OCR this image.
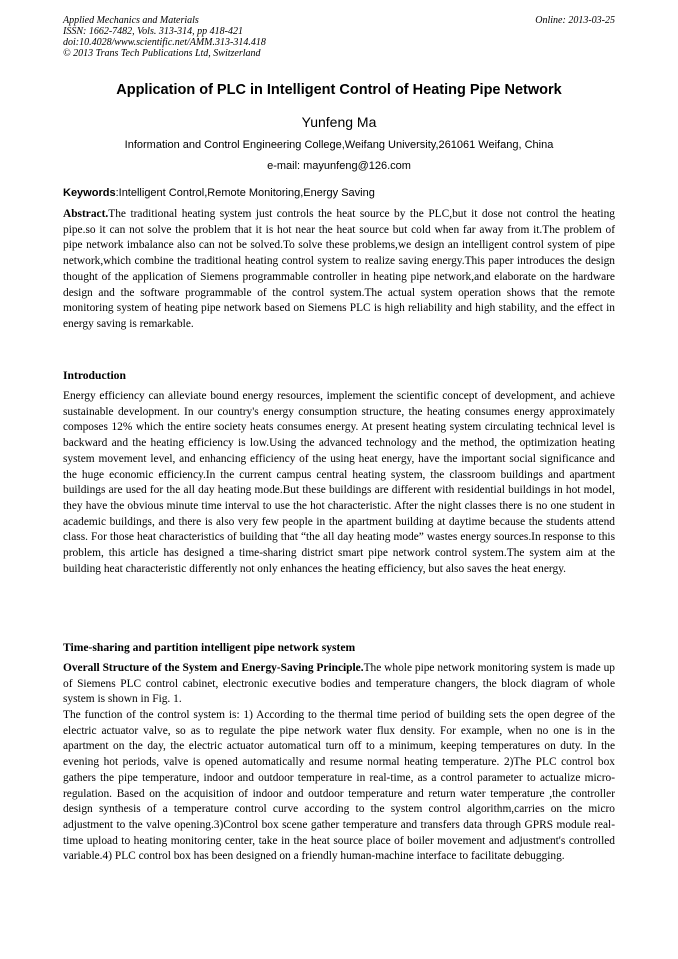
Applied Mechanics and Materials
ISSN: 1662-7482, Vols. 313-314, pp 418-421
doi:10.4028/www.scientific.net/AMM.313-314.418
© 2013 Trans Tech Publications Ltd, Switzerland
Online: 2013-03-25
Application of PLC in Intelligent Control of Heating Pipe Network
Yunfeng Ma
Information and Control Engineering College,Weifang University,261061 Weifang, China
e-mail: mayunfeng@126.com
Keywords:Intelligent Control,Remote Monitoring,Energy Saving

Abstract.The traditional heating system just controls the heat source by the PLC,but it dose not control the heating pipe.so it can not solve the problem that it is hot near the heat source but cold when far away from it.The problem of pipe network imbalance also can not be solved.To solve these problems,we design an intelligent control system of pipe network,which combine the traditional heating control system to realize saving energy.This paper introduces the design thought of the application of Siemens programmable controller in heating pipe network,and elaborate on the hardware design and the software programmable of the control system.The actual system operation shows that the remote monitoring system of heating pipe network based on Siemens PLC is high reliability and high stability, and the effect in energy saving is remarkable.

Introduction

Energy efficiency can alleviate bound energy resources, implement the scientific concept of development, and achieve sustainable development. In our country's energy consumption structure, the heating consumes energy approximately composes 12% which the entire society heats consumes energy. At present heating system circulating technical level is backward and the heating efficiency is low.Using the advanced technology and the method, the optimization heating system movement level, and enhancing efficiency of the using heat energy, have the important social significance and the huge economic efficiency.In the current campus central heating system, the classroom buildings and apartment buildings are used for the all day heating mode.But these buildings are different with residential buildings in hot model, they have the obvious minute time interval to use the hot characteristic. After the night classes there is no one student in academic buildings, and there is also very few people in the apartment building at daytime because the students attend class. For those heat characteristics of building that “the all day heating mode” wastes energy sources.In response to this problem, this article has designed a time-sharing district smart pipe network control system.The system aim at the building heat characteristic differently not only enhances the heating efficiency, but also saves the heat energy.

Time-sharing and partition intelligent pipe network system

Overall Structure of the System and Energy-Saving Principle.The whole pipe network monitoring system is made up of Siemens PLC control cabinet, electronic executive bodies and temperature changers, the block diagram of whole system is shown in Fig. 1.

The function of the control system is: 1) According to the thermal time period of building sets the open degree of the electric actuator valve, so as to regulate the pipe network water flux density. For example, when no one is in the apartment on the day, the electric actuator automatical turn off to a minimum, keeping temperatures on duty. In the evening hot periods, valve is opened automatically and resume normal heating temperature. 2)The PLC control box gathers the pipe temperature, indoor and outdoor temperature in real-time, as a control parameter to actualize micro-regulation. Based on the acquisition of indoor and outdoor temperature and return water temperature ,the controller design synthesis of a temperature control curve according to the system control algorithm,carries on the micro adjustment to the valve opening.3)Control box scene gather temperature and transfers data through GPRS module real-time upload to heating monitoring center, take in the heat source place of boiler movement and adjustment's controlled variable.4) PLC control box has been designed on a friendly human-machine interface to facilitate debugging.
